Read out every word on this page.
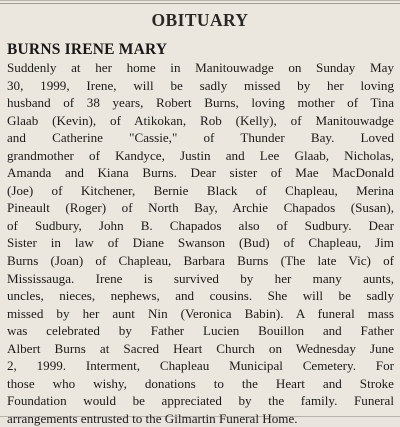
OBITUARY
BURNS IRENE MARY
Suddenly at her home in Manitouwadge on Sunday May
30, 1999, Irene, will be sadly missed by her loving
husband of 38 years, Robert Burns, loving mother of Tina
Glaab (Kevin), of Atikokan, Rob (Kelly), of Manitouwadge
and Catherine "Cassie," of Thunder Bay. Loved
grandmother of Kandyce, Justin and Lee Glaab, Nicholas,
Amanda and Kiana Burns. Dear sister of Mae MacDonald
(Joe) of Kitchener, Bernie Black of Chapleau, Merina
Pineault (Roger) of North Bay, Archie Chapados (Susan),
of Sudbury, John B. Chapados also of Sudbury. Dear
Sister in law of Diane Swanson (Bud) of Chapleau, Jim
Burns (Joan) of Chapleau, Barbara Burns (The late Vic) of
Mississauga. Irene is survived by her many aunts,
uncles, nieces, nephews, and cousins. She will be sadly
missed by her aunt Nin (Veronica Babin). A funeral mass
was celebrated by Father Lucien Bouillon and Father
Albert Burns at Sacred Heart Church on Wednesday June
2, 1999. Interment, Chapleau Municipal Cemetery. For
those who wishy, donations to the Heart and Stroke
Foundation would be appreciated by the family. Funeral
arrangements entrusted to the Gilmartin Funeral Home.
